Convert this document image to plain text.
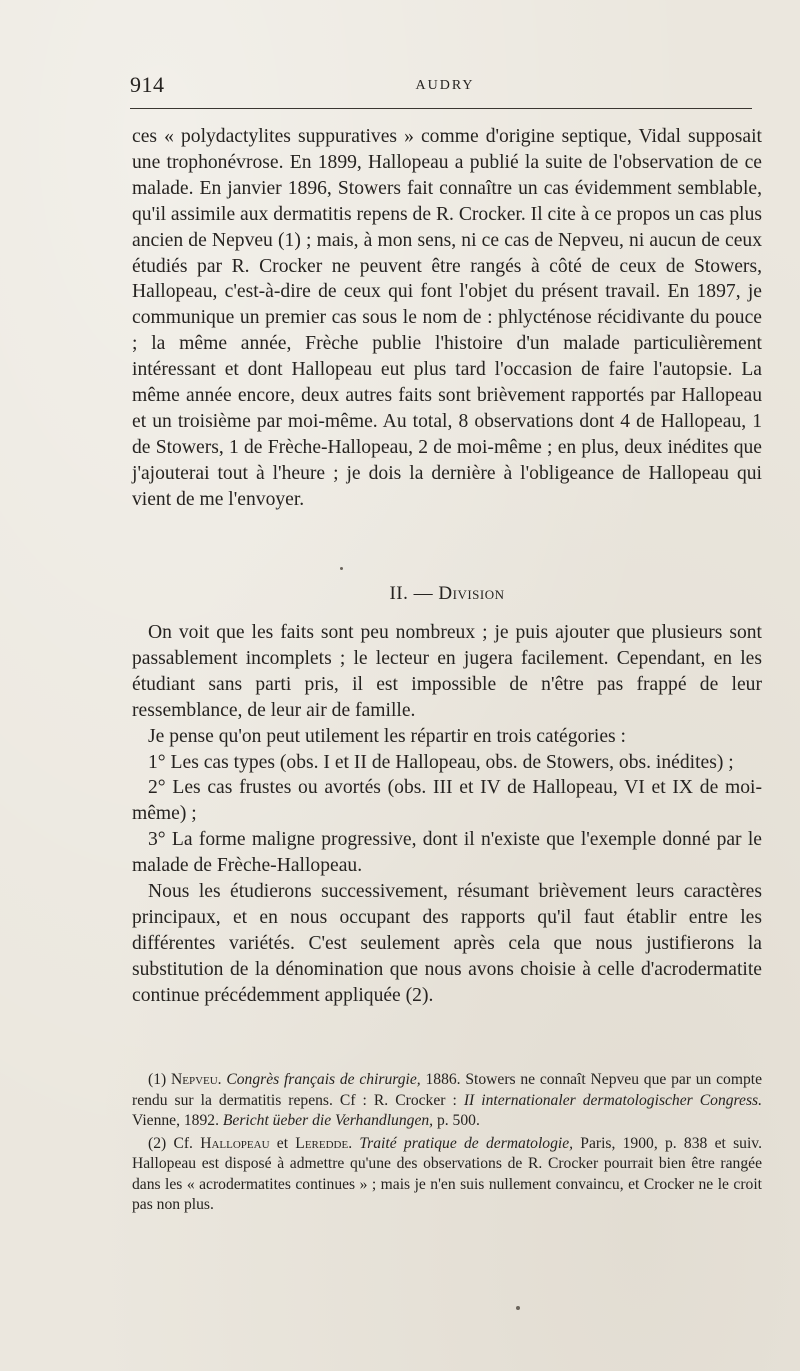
914	AUDRY

ces « polydactylites suppuratives » comme d'origine septique, Vidal supposait une trophonévrose. En 1899, Hallopeau a publié la suite de l'observation de ce malade. En janvier 1896, Stowers fait connaître un cas évidemment semblable, qu'il assimile aux dermatitis repens de R. Crocker. Il cite à ce propos un cas plus ancien de Nepveu (1) ; mais, à mon sens, ni ce cas de Nepveu, ni aucun de ceux étudiés par R. Crocker ne peuvent être rangés à côté de ceux de Stowers, Hallopeau, c'est-à-dire de ceux qui font l'objet du présent travail. En 1897, je communique un premier cas sous le nom de : phlycténose récidivante du pouce ; la même année, Frèche publie l'histoire d'un malade particulièrement intéressant et dont Hallopeau eut plus tard l'occasion de faire l'autopsie. La même année encore, deux autres faits sont brièvement rapportés par Hallopeau et un troisième par moi-même. Au total, 8 observations dont 4 de Hallopeau, 1 de Stowers, 1 de Frèche-Hallopeau, 2 de moi-même ; en plus, deux inédites que j'ajouterai tout à l'heure ; je dois la dernière à l'obligeance de Hallopeau qui vient de me l'envoyer.

II. — Division

On voit que les faits sont peu nombreux ; je puis ajouter que plusieurs sont passablement incomplets ; le lecteur en jugera facilement. Cependant, en les étudiant sans parti pris, il est impossible de n'être pas frappé de leur ressemblance, de leur air de famille.

Je pense qu'on peut utilement les répartir en trois catégories :

1° Les cas types (obs. I et II de Hallopeau, obs. de Stowers, obs. inédites) ;

2° Les cas frustes ou avortés (obs. III et IV de Hallopeau, VI et IX de moi-même) ;

3° La forme maligne progressive, dont il n'existe que l'exemple donné par le malade de Frèche-Hallopeau.

Nous les étudierons successivement, résumant brièvement leurs caractères principaux, et en nous occupant des rapports qu'il faut établir entre les différentes variétés. C'est seulement après cela que nous justifierons la substitution de la dénomination que nous avons choisie à celle d'acrodermatite continue précédemment appliquée (2).

(1) Nepveu. Congrès français de chirurgie, 1886. Stowers ne connaît Nepveu que par un compte rendu sur la dermatitis repens. Cf : R. Crocker : II internationaler dermatologischer Congress. Vienne, 1892. Bericht üeber die Verhandlungen, p. 500.

(2) Cf. Hallopeau et Leredde. Traité pratique de dermatologie, Paris, 1900, p. 838 et suiv. Hallopeau est disposé à admettre qu'une des observations de R. Crocker pourrait bien être rangée dans les « acrodermatites continues » ; mais je n'en suis nullement convaincu, et Crocker ne le croit pas non plus.
